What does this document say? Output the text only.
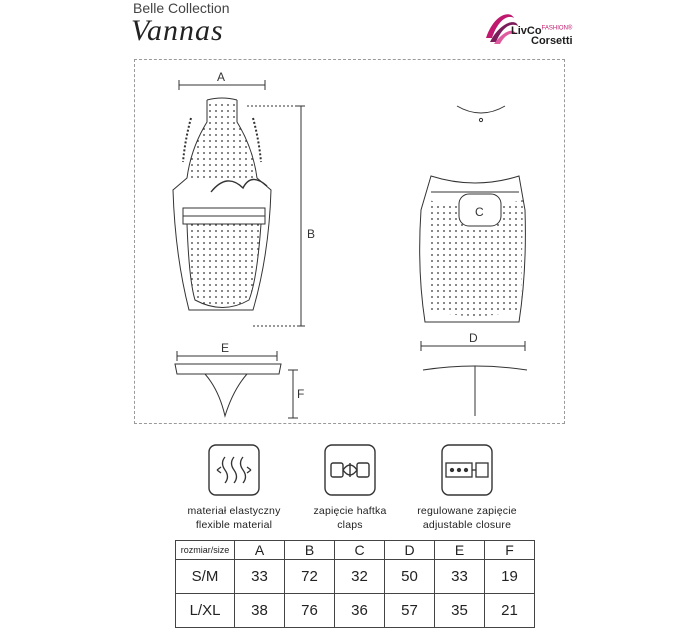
Belle Collection
Vannas	LivCo$^{FASHION®}$
Corsetti
A
B
C
D
E
F
materiał elastyczny
flexible material
zapięcie haftka
claps
regulowane zapięcie
adjustable closure
rozmiar/size	A	B	C	D	E	F
S/M	33	72	32	50	33	19
L/XL	38	76	36	57	35	21
